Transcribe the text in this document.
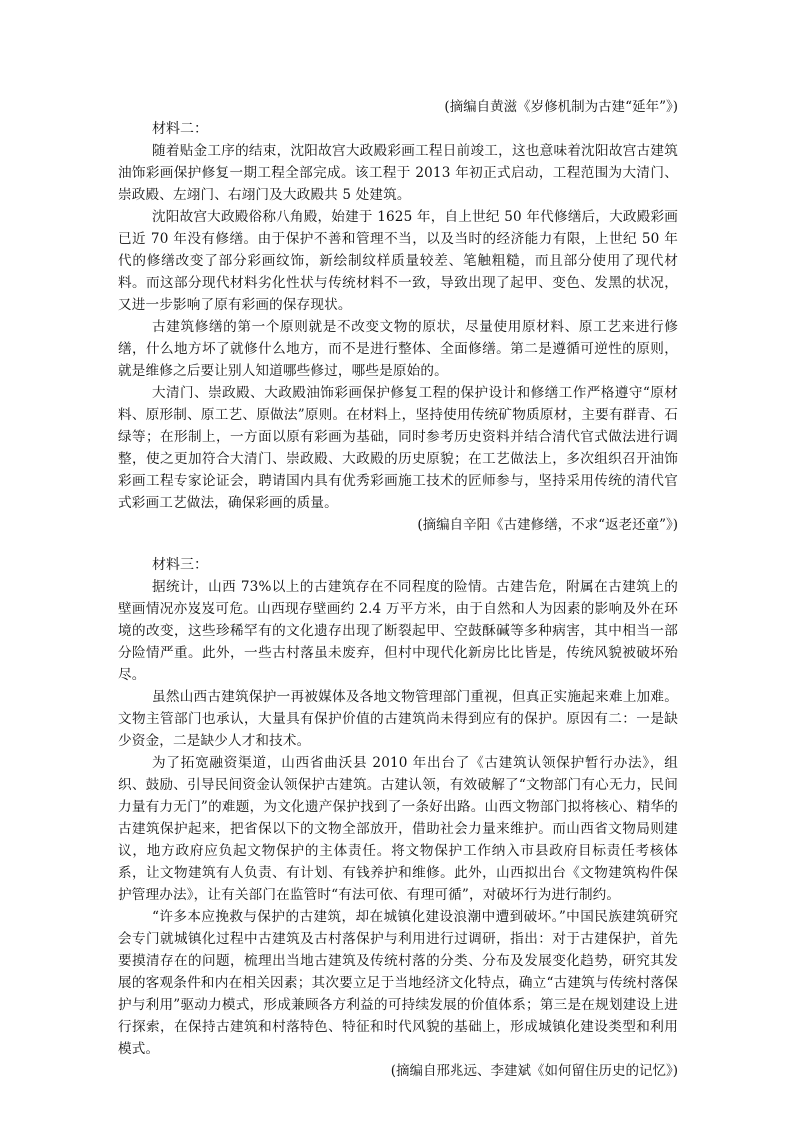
(摘编自黄滋《岁修机制为古建“延年”》)

材料二：

随着贴金工序的结束，沈阳故宫大政殿彩画工程日前竣工，这也意味着沈阳故宫古建筑油饰彩画保护修复一期工程全部完成。该工程于 2013 年初正式启动，工程范围为大清门、崇政殿、左翊门、右翊门及大政殿共 5 处建筑。

沈阳故宫大政殿俗称八角殿，始建于 1625 年，自上世纪 50 年代修缮后，大政殿彩画已近 70 年没有修缮。由于保护不善和管理不当，以及当时的经济能力有限，上世纪 50 年代的修缮改变了部分彩画纹饰，新绘制纹样质量较差、笔触粗糙，而且部分使用了现代材料。而这部分现代材料劣化性状与传统材料不一致，导致出现了起甲、变色、发黑的状况，又进一步影响了原有彩画的保存现状。

古建筑修缮的第一个原则就是不改变文物的原状，尽量使用原材料、原工艺来进行修缮，什么地方坏了就修什么地方，而不是进行整体、全面修缮。第二是遵循可逆性的原则，就是维修之后要让别人知道哪些修过，哪些是原始的。

大清门、崇政殿、大政殿油饰彩画保护修复工程的保护设计和修缮工作严格遵守“原材料、原形制、原工艺、原做法”原则。在材料上，坚持使用传统矿物质原材，主要有群青、石绿等；在形制上，一方面以原有彩画为基础，同时参考历史资料并结合清代官式做法进行调整，使之更加符合大清门、崇政殿、大政殿的历史原貌；在工艺做法上，多次组织召开油饰彩画工程专家论证会，聘请国内具有优秀彩画施工技术的匠师参与，坚持采用传统的清代官式彩画工艺做法，确保彩画的质量。

(摘编自辛阳《古建修缮，不求“返老还童”》)

材料三：

据统计，山西 73%以上的古建筑存在不同程度的险情。古建告危，附属在古建筑上的壁画情况亦岌岌可危。山西现存壁画约 2.4 万平方米，由于自然和人为因素的影响及外在环境的改变，这些珍稀罕有的文化遗存出现了断裂起甲、空鼓酥碱等多种病害，其中相当一部分险情严重。此外，一些古村落虽未废弃，但村中现代化新房比比皆是，传统风貌被破坏殆尽。

虽然山西古建筑保护一再被媒体及各地文物管理部门重视，但真正实施起来难上加难。文物主管部门也承认，大量具有保护价值的古建筑尚未得到应有的保护。原因有二：一是缺少资金，二是缺少人才和技术。

为了拓宽融资渠道，山西省曲沃县 2010 年出台了《古建筑认领保护暂行办法》，组织、鼓励、引导民间资金认领保护古建筑。古建认领，有效破解了“文物部门有心无力，民间力量有力无门”的难题，为文化遗产保护找到了一条好出路。山西文物部门拟将核心、精华的古建筑保护起来，把省保以下的文物全部放开，借助社会力量来维护。而山西省文物局则建议，地方政府应负起文物保护的主体责任。将文物保护工作纳入市县政府目标责任考核体系，让文物建筑有人负责、有计划、有钱养护和维修。此外，山西拟出台《文物建筑构件保护管理办法》，让有关部门在监管时“有法可依、有理可循”，对破坏行为进行制约。

“许多本应挽救与保护的古建筑，却在城镇化建设浪潮中遭到破坏。”中国民族建筑研究会专门就城镇化过程中古建筑及古村落保护与利用进行过调研，指出：对于古建保护，首先要摸清存在的问题，梳理出当地古建筑及传统村落的分类、分布及发展变化趋势，研究其发展的客观条件和内在相关因素；其次要立足于当地经济文化特点，确立“古建筑与传统村落保护与利用”驱动力模式，形成兼顾各方利益的可持续发展的价值体系；第三是在规划建设上进行探索，在保持古建筑和村落特色、特征和时代风貌的基础上，形成城镇化建设类型和利用模式。

(摘编自邢兆远、李建斌《如何留住历史的记忆》)
